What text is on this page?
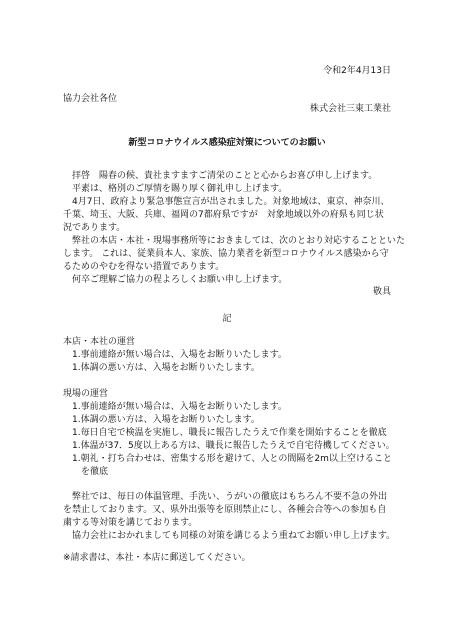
令和2年4月13日
協力会社各位
株式会社三東工業社
新型コロナウイルス感染症対策についてのお願い
　拝啓　陽春の候、貴社ますますご清栄のことと心からお喜び申し上げます。
　平素は、格別のご厚情を賜り厚く御礼申し上げます。
　4月7日、政府より緊急事態宣言が出されました。対象地域は、東京、神奈川、
千葉、埼玉、大阪、兵庫、福岡の7都府県ですが　対象地域以外の府県も同じ状
況であります。
　弊社の本店・本社・現場事務所等におきましては、次のとおり対応することといた
します。 これは、従業員本人、家族、協力業者を新型コロナウイルス感染から守
るためのやむを得ない措置であります。
　何卒ご理解ご協力の程よろしくお願い申し上げます。
敬具
記
本店・本社の運営
1.事前連絡が無い場合は、入場をお断りいたします。
1.体調の悪い方は、入場をお断りいたします。
現場の運営
1.事前連絡が無い場合は、入場をお断りいたします。
1.体調の悪い方は、入場をお断りいたします。
1.毎日自宅で検温を実施し、職長に報告したうえで作業を開始することを徹底
1.体温が37．5度以上ある方は、職長に報告したうえで自宅待機してください。
1.朝礼・打ち合わせは、密集する形を避けて、人との間隔を2m以上空けること
を徹底
　弊社では、毎日の体温管理、手洗い、うがいの徹底はもちろん不要不急の外出
を禁止しております。又、県外出張等を原則禁止にし、各種会合等への参加も自
粛する等対策を講じております。
　協力会社におかれましても同様の対策を講じるよう重ねてお願い申し上げます。
※請求書は、本社・本店に郵送してください。
